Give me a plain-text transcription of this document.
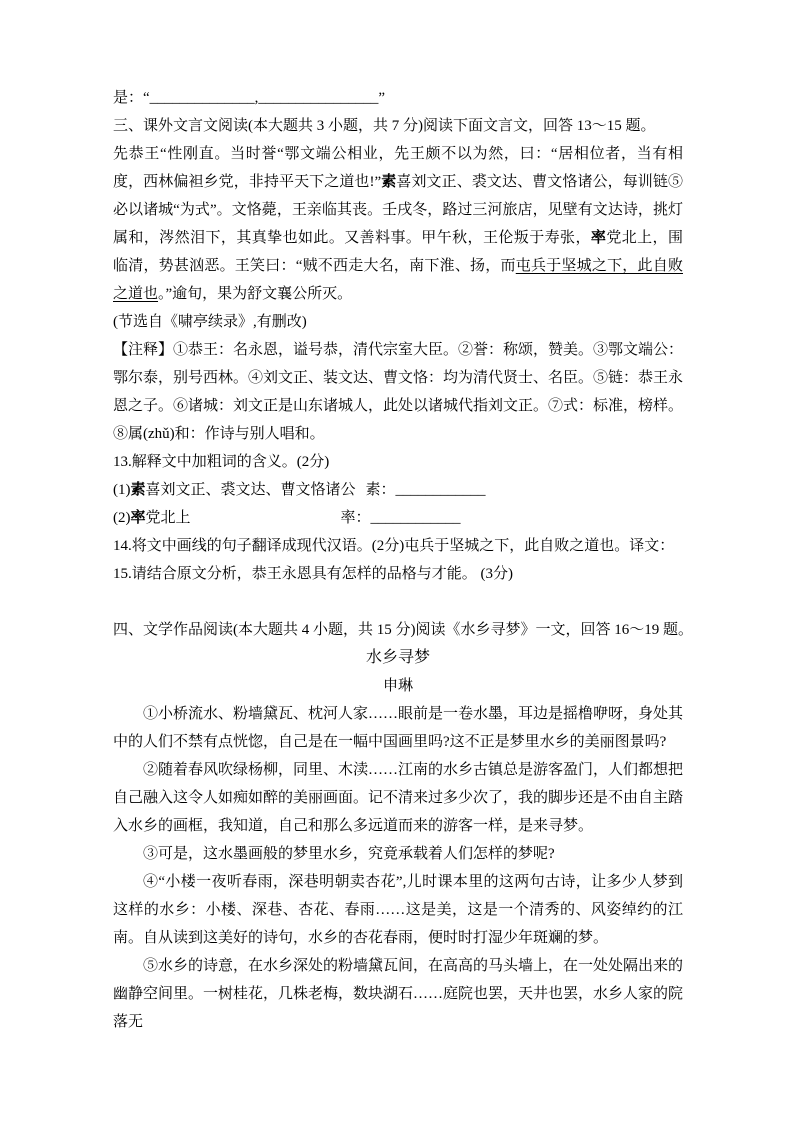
是：“______________,________________”

三、课外文言文阅读(本大题共 3 小题，共 7 分)阅读下面文言文，回答 13～15 题。

先恭王“性刚直。当时誉“鄂文端公相业，先王颇不以为然，曰：“居相位者，当有相度，西林偏袒乡党，非持平天下之道也!”素喜刘文正、裘文达、曹文恪诸公，每训链⑤必以诸城“为式”。文恪薨，王亲临其丧。壬戌冬，路过三河旅店，见壁有文达诗，挑灯属和，涔然泪下，其真挚也如此。又善料事。甲午秋，王伦叛于寿张，率党北上，围临清，势甚汹恶。王笑曰：“贼不西走大名，南下淮、扬，而屯兵于坚城之下，此自败之道也。”逾旬，果为舒文襄公所灭。

(节选自《啸亭续录》,有删改)

【注释】①恭王：名永恩，谥号恭，清代宗室大臣。②誉：称颂，赞美。③鄂文端公：鄂尔泰，别号西林。④刘文正、装文达、曹文恪：均为清代贤士、名臣。⑤链：恭王永恩之子。⑥诸城：刘文正是山东诸城人，此处以诸城代指刘文正。⑦式：标准，榜样。⑧属(zhǔ)和：作诗与别人唱和。

13.解释文中加粗词的含义。(2分)

(1)素喜刘文正、裘文达、曹文恪诸公 素：____________

(2)率党北上	率：____________

14.将文中画线的句子翻译成现代汉语。(2分)屯兵于坚城之下，此自败之道也。译文：

15.请结合原文分析，恭王永恩具有怎样的品格与才能。 (3分)

四、文学作品阅读(本大题共 4 小题，共 15 分)阅读《水乡寻梦》一文，回答 16～19 题。

水乡寻梦

申琳

①小桥流水、粉墙黛瓦、枕河人家……眼前是一卷水墨，耳边是摇橹咿呀，身处其中的人们不禁有点恍惚，自己是在一幅中国画里吗?这不正是梦里水乡的美丽图景吗?

②随着春风吹绿杨柳，同里、木渎……江南的水乡古镇总是游客盈门，人们都想把自己融入这令人如痴如醉的美丽画面。记不清来过多少次了，我的脚步还是不由自主踏入水乡的画框，我知道，自己和那么多远道而来的游客一样，是来寻梦。

③可是，这水墨画般的梦里水乡，究竟承载着人们怎样的梦呢?

④“小楼一夜听春雨，深巷明朝卖杏花”,儿时课本里的这两句古诗，让多少人梦到这样的水乡：小楼、深巷、杏花、春雨……这是美，这是一个清秀的、风姿绰约的江南。自从读到这美好的诗句，水乡的杏花春雨，便时时打湿少年斑斓的梦。

⑤水乡的诗意，在水乡深处的粉墙黛瓦间，在高高的马头墙上，在一处处隔出来的幽静空间里。一树桂花，几株老梅，数块湖石……庭院也罢，天井也罢，水乡人家的院落无
